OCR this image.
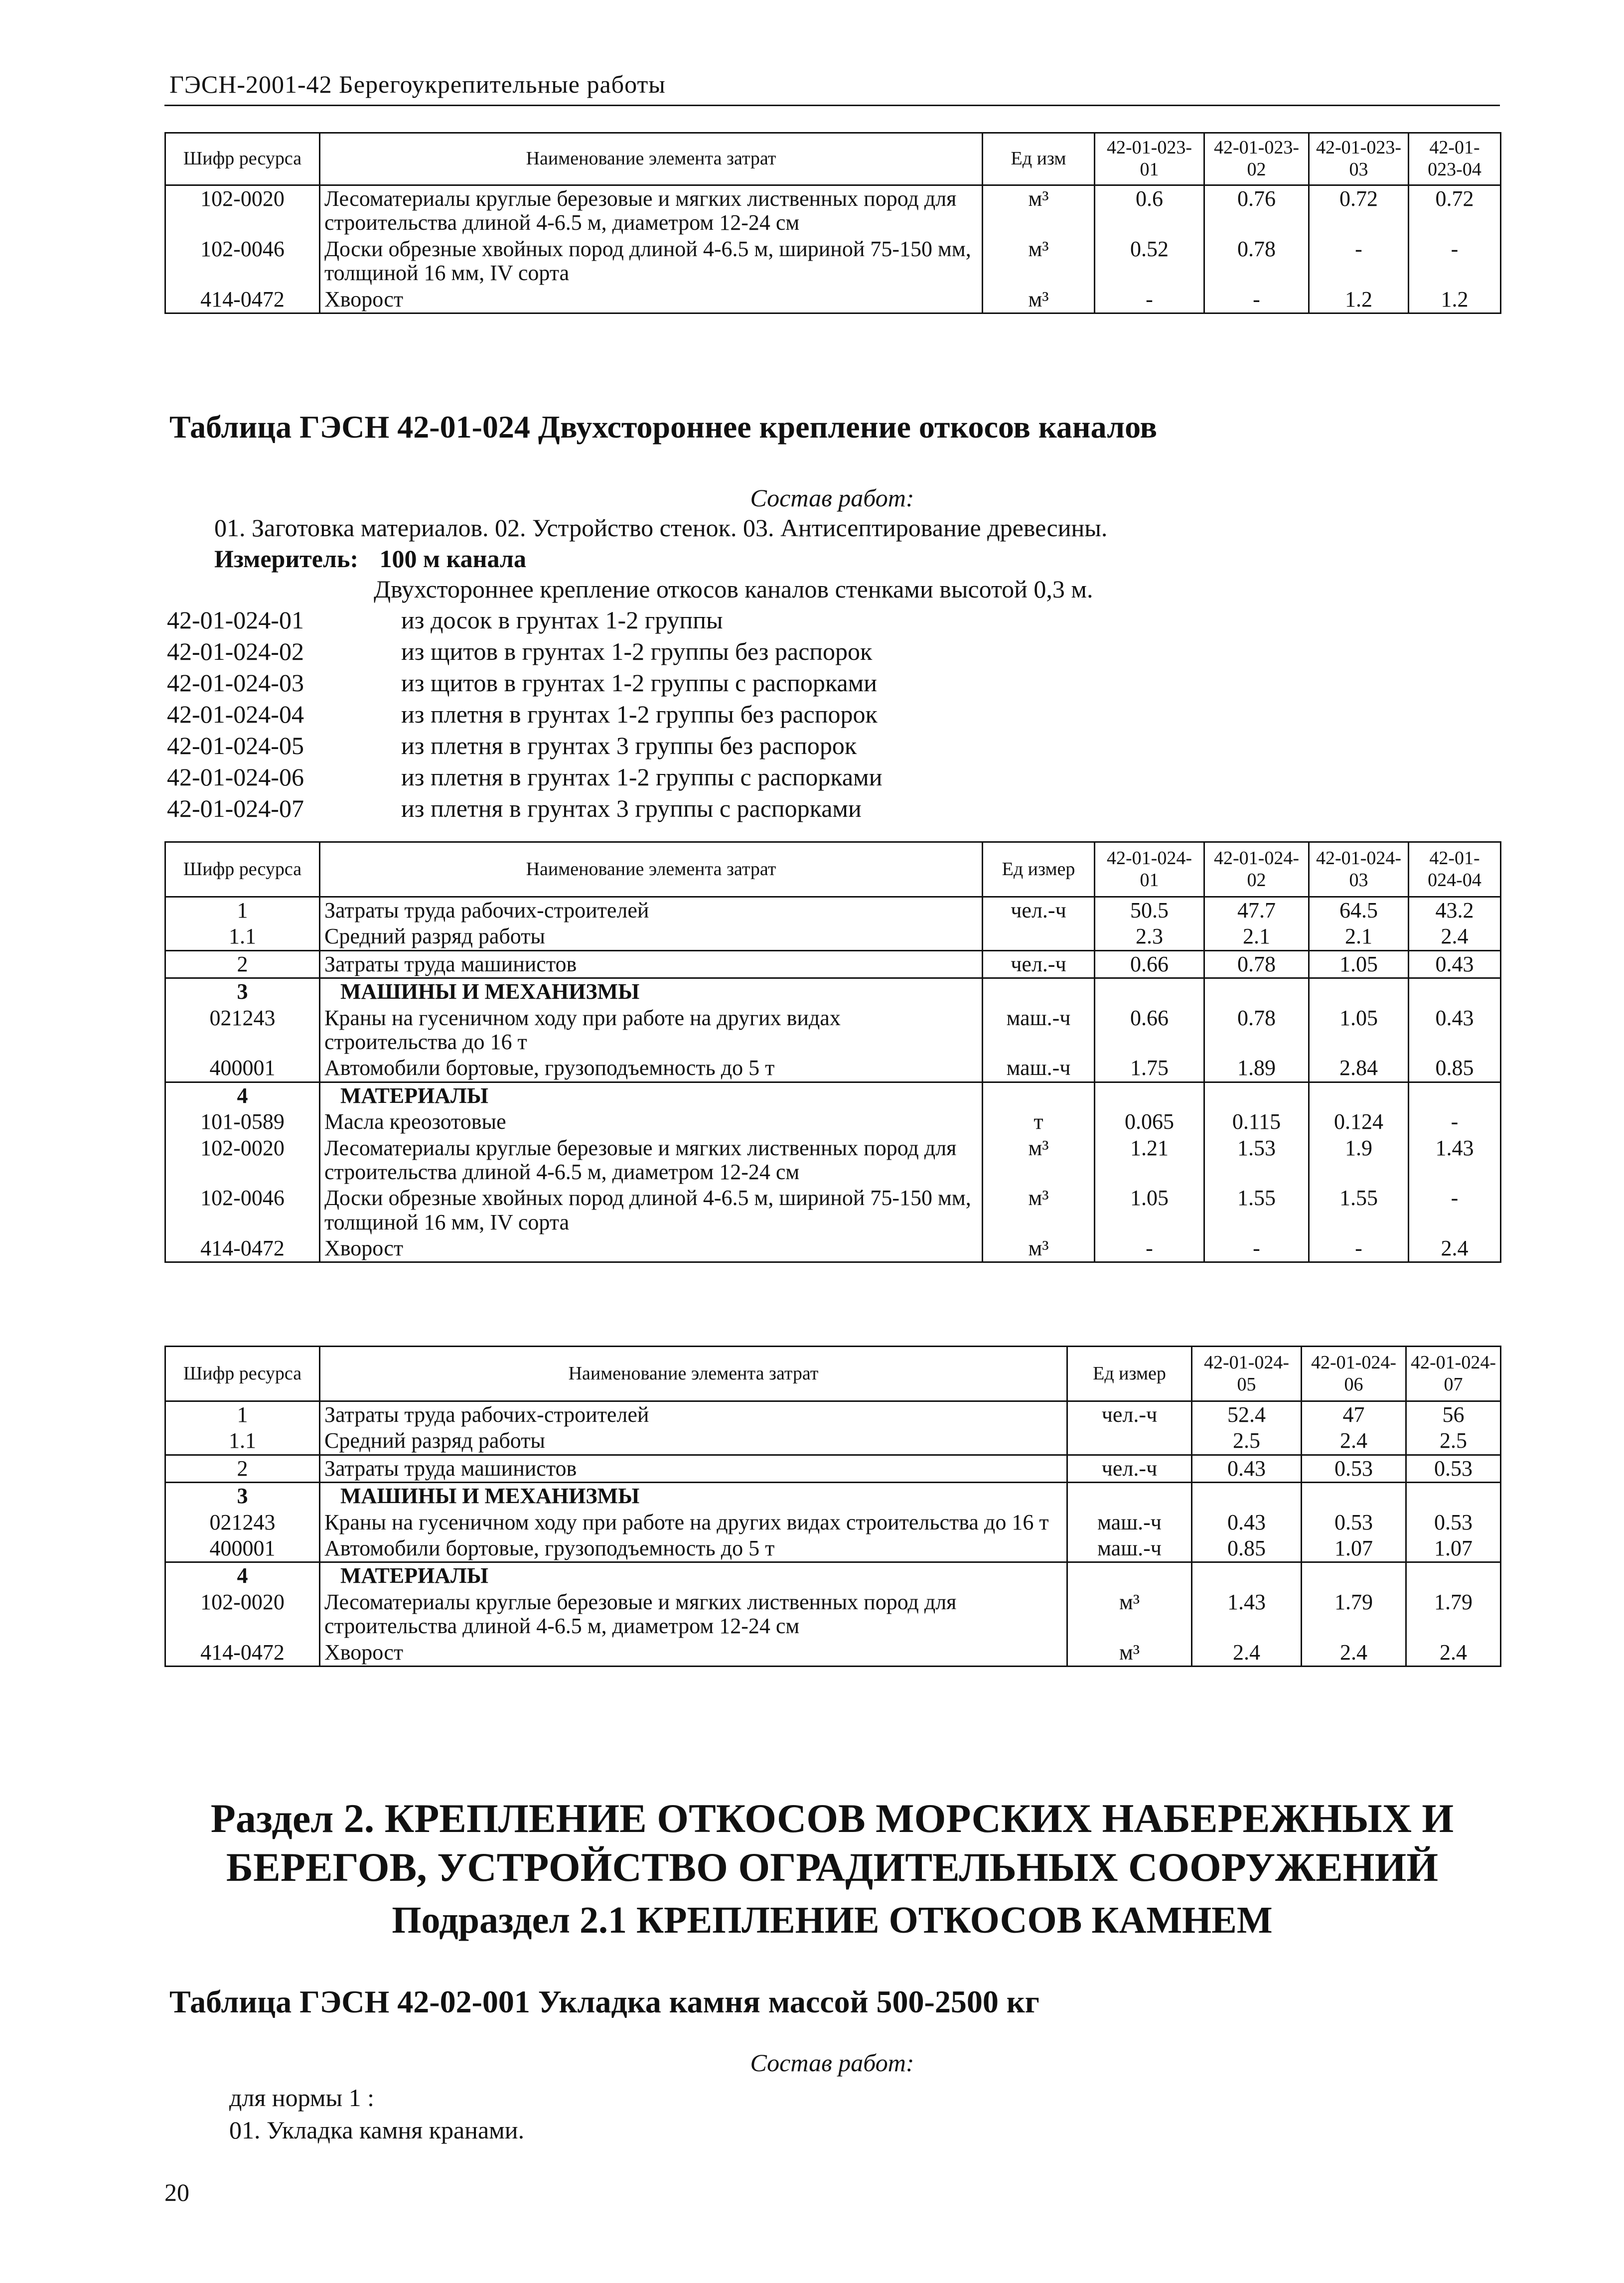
ГЭСН-2001-42 Берегоукрепительные работы
Шифр ресурса	Наименование элемента затрат	Ед изм	42-01-023-01	42-01-023-02	42-01-023-03	42-01-023-04
102-0020	Лесоматериалы круглые березовые и мягких лиственных пород для строительства длиной 4-6.5 м, диаметром 12-24 см	м³	0.6	0.76	0.72	0.72
102-0046	Доски обрезные хвойных пород длиной 4-6.5 м, шириной 75-150 мм, толщиной 16 мм, IV сорта	м³	0.52	0.78	-	-
414-0472	Хворост	м³	-	-	1.2	1.2
Таблица ГЭСН 42-01-024 Двухстороннее крепление откосов каналов
Состав работ:
01. Заготовка материалов. 02. Устройство стенок. 03. Антисептирование древесины.
Измеритель: 100 м канала
Двухстороннее крепление откосов каналов стенками высотой 0,3 м.
42-01-024-01	из досок в грунтах 1-2 группы
42-01-024-02	из щитов в грунтах 1-2 группы без распорок
42-01-024-03	из щитов в грунтах 1-2 группы с распорками
42-01-024-04	из плетня в грунтах 1-2 группы без распорок
42-01-024-05	из плетня в грунтах 3 группы без распорок
42-01-024-06	из плетня в грунтах 1-2 группы с распорками
42-01-024-07	из плетня в грунтах 3 группы с распорками
Шифр ресурса	Наименование элемента затрат	Ед измер	42-01-024-01	42-01-024-02	42-01-024-03	42-01-024-04
1	Затраты труда рабочих-строителей	чел.-ч	50.5	47.7	64.5	43.2
1.1	Средний разряд работы		2.3	2.1	2.1	2.4
2	Затраты труда машинистов	чел.-ч	0.66	0.78	1.05	0.43
3	МАШИНЫ И МЕХАНИЗМЫ					
021243	Краны на гусеничном ходу при работе на других видах строительства до 16 т	маш.-ч	0.66	0.78	1.05	0.43
400001	Автомобили бортовые, грузоподъемность до 5 т	маш.-ч	1.75	1.89	2.84	0.85
4	МАТЕРИАЛЫ					
101-0589	Масла креозотовые	т	0.065	0.115	0.124	-
102-0020	Лесоматериалы круглые березовые и мягких лиственных пород для строительства длиной 4-6.5 м, диаметром 12-24 см	м³	1.21	1.53	1.9	1.43
102-0046	Доски обрезные хвойных пород длиной 4-6.5 м, шириной 75-150 мм, толщиной 16 мм, IV сорта	м³	1.05	1.55	1.55	-
414-0472	Хворост	м³	-	-	-	2.4
Шифр ресурса	Наименование элемента затрат	Ед измер	42-01-024-05	42-01-024-06	42-01-024-07
1	Затраты труда рабочих-строителей	чел.-ч	52.4	47	56
1.1	Средний разряд работы		2.5	2.4	2.5
2	Затраты труда машинистов	чел.-ч	0.43	0.53	0.53
3	МАШИНЫ И МЕХАНИЗМЫ				
021243	Краны на гусеничном ходу при работе на других видах строительства до 16 т	маш.-ч	0.43	0.53	0.53
400001	Автомобили бортовые, грузоподъемность до 5 т	маш.-ч	0.85	1.07	1.07
4	МАТЕРИАЛЫ				
102-0020	Лесоматериалы круглые березовые и мягких лиственных пород для строительства длиной 4-6.5 м, диаметром 12-24 см	м³	1.43	1.79	1.79
414-0472	Хворост	м³	2.4	2.4	2.4
Раздел 2. КРЕПЛЕНИЕ ОТКОСОВ МОРСКИХ НАБЕРЕЖНЫХ И
БЕРЕГОВ, УСТРОЙСТВО ОГРАДИТЕЛЬНЫХ СООРУЖЕНИЙ
Подраздел 2.1 КРЕПЛЕНИЕ ОТКОСОВ КАМНЕМ
Таблица ГЭСН 42-02-001 Укладка камня массой 500-2500 кг
Состав работ:
для нормы 1 :
01. Укладка камня кранами.
20
